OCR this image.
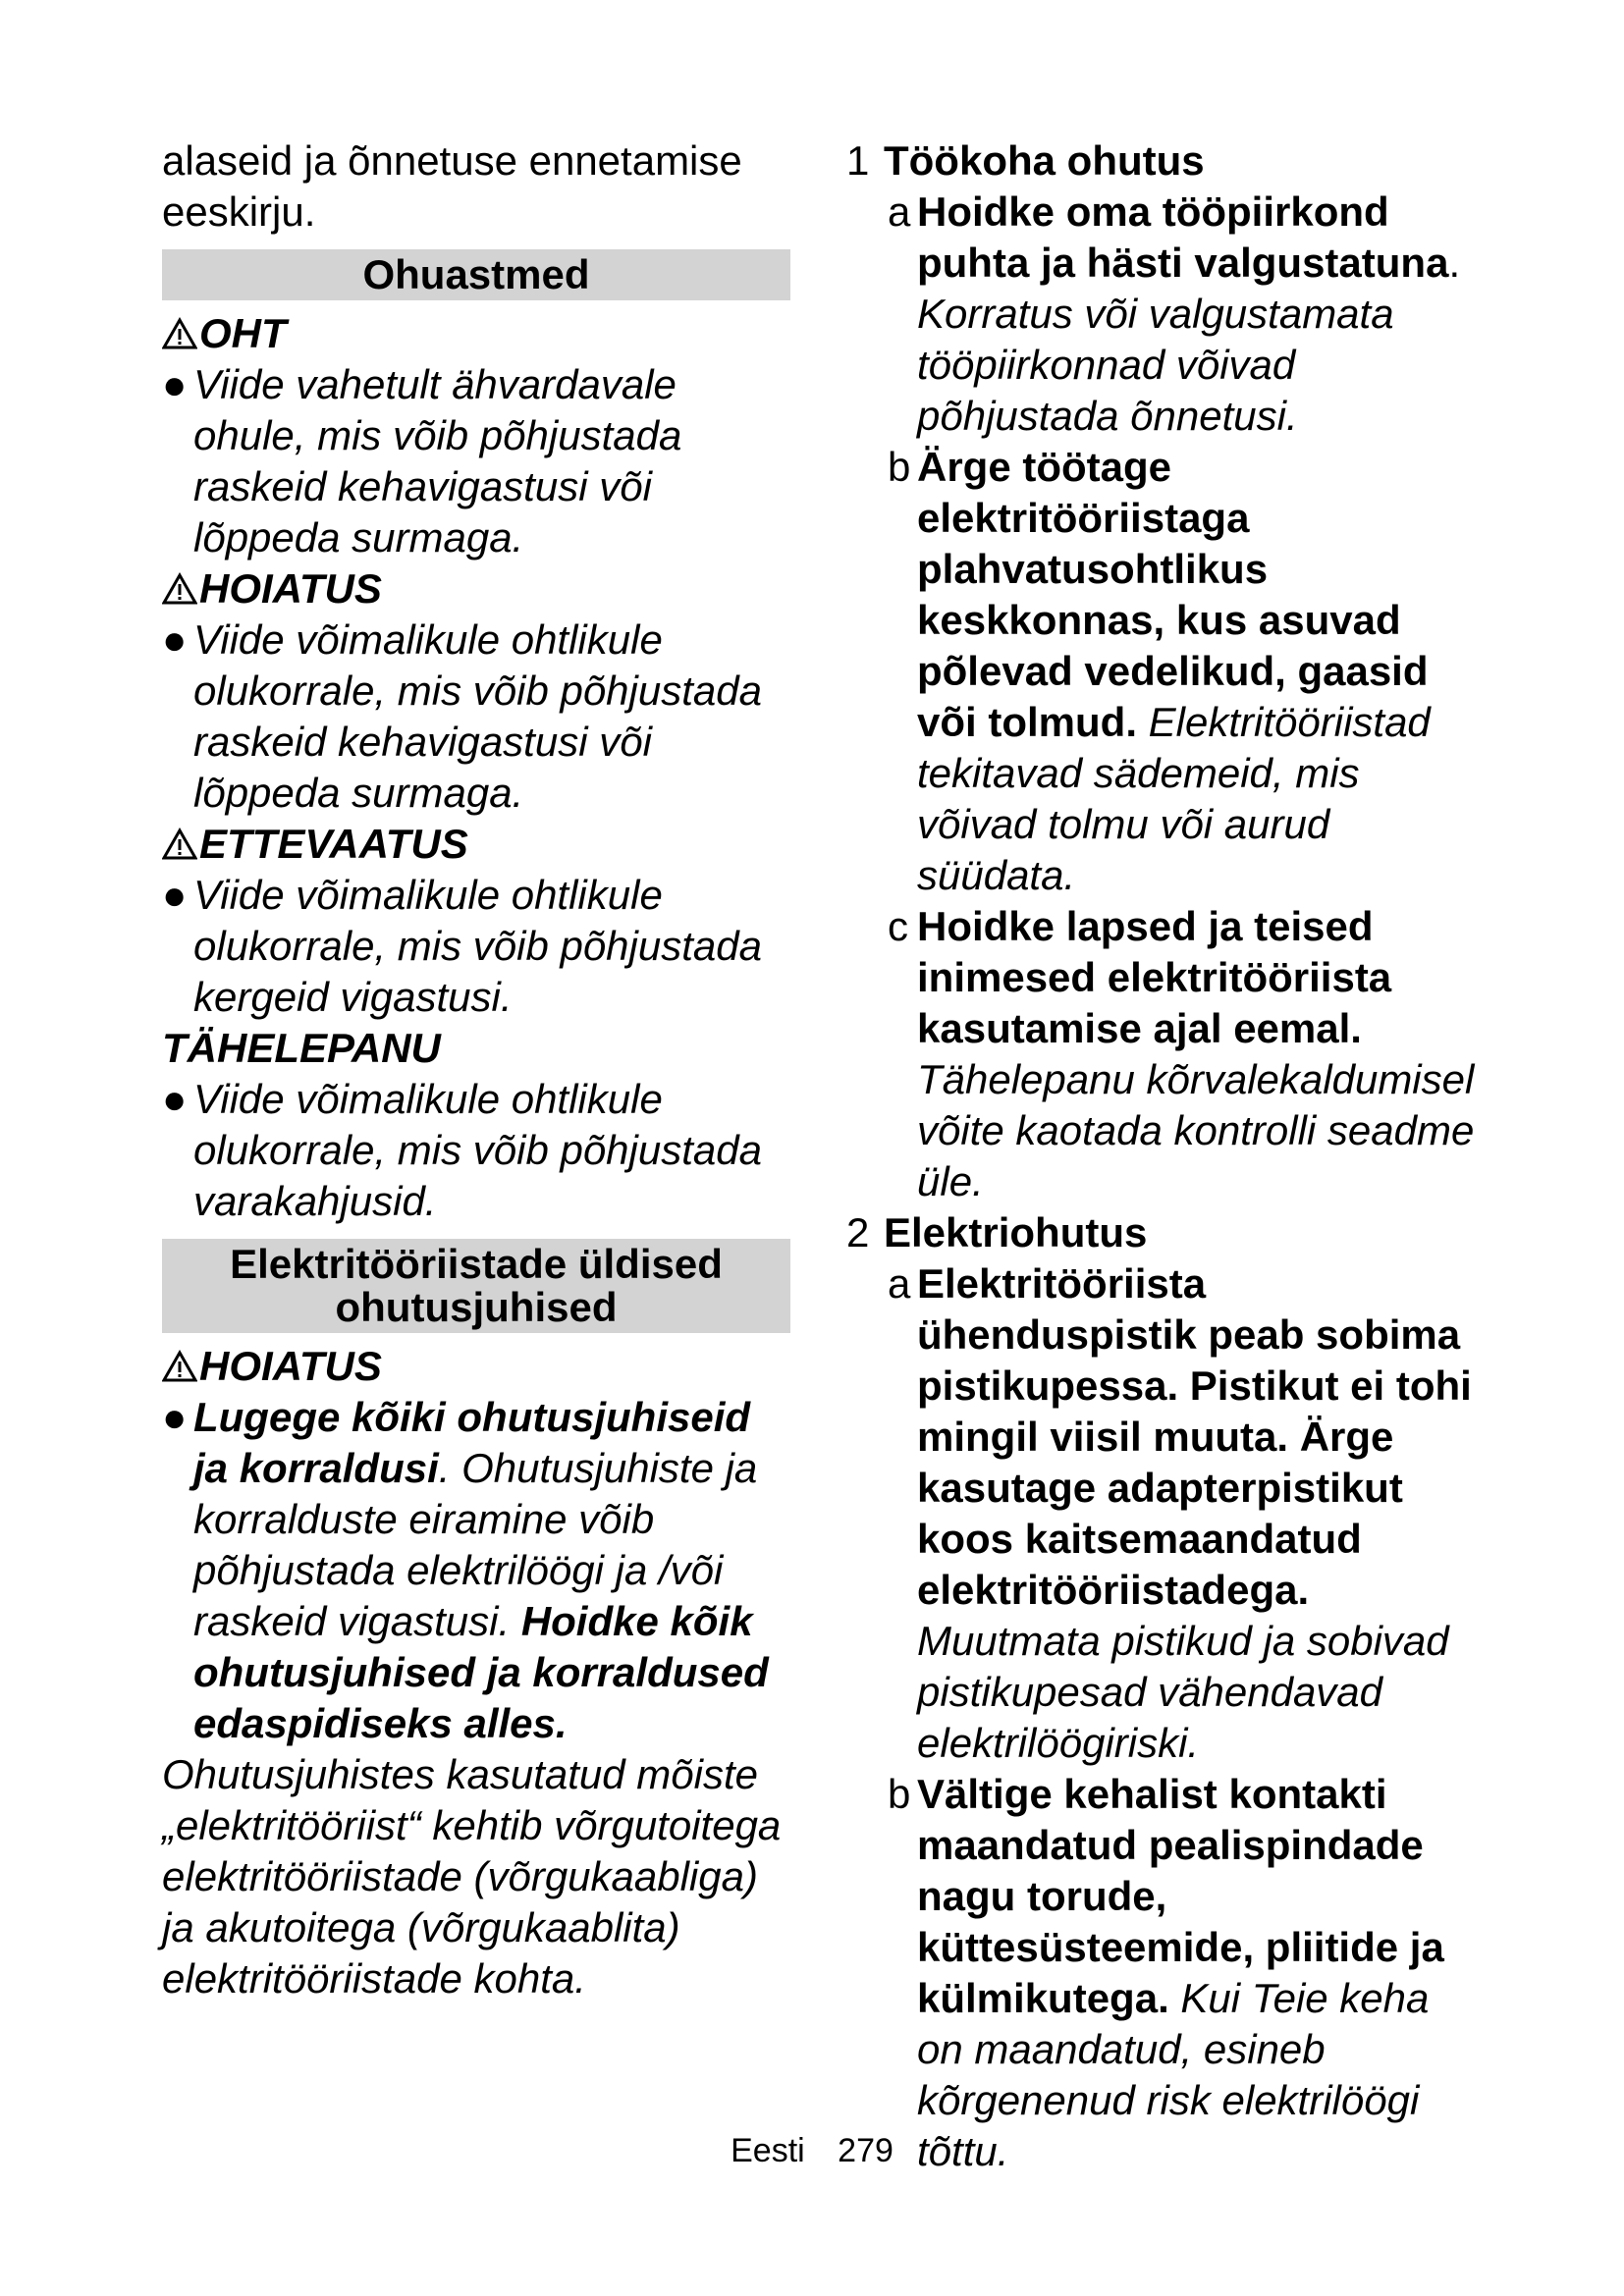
alaseid ja õnnetuse ennetamise eeskirju.

Ohuastmed
OHT

● Viide vahetult ähvardavale ohule, mis võib põhjustada raskeid kehavigastusi või lõppeda surmaga.

HOIATUS

● Viide võimalikule ohtlikule olukorrale, mis võib põhjustada raskeid kehavigastusi või lõppeda surmaga.

ETTEVAATUS

● Viide võimalikule ohtlikule olukorrale, mis võib põhjustada kergeid vigastusi.

TÄHELEPANU

● Viide võimalikule ohtlikule olukorrale, mis võib põhjustada varakahjusid.

Elektritööriistade üldised ohutusjuhised
HOIATUS

● Lugege kõiki ohutusjuhiseid ja korraldusi. Ohutusjuhiste ja korralduste eiramine võib põhjustada elektrilöögi ja /või raskeid vigastusi. Hoidke kõik ohutusjuhised ja korraldused edaspidiseks alles.

Ohutusjuhistes kasutatud mõiste „elektritööriist“ kehtib võrgutoitega elektritööriistade (võrgukaabliga) ja akutoitega (võrgukaablita) elektritööriistade kohta.

1 Töökoha ohutus
a Hoidke oma tööpiirkond puhta ja hästi valgustatuna. Korratus või valgustamata tööpiirkonnad võivad põhjustada õnnetusi.

b Ärge töötage elektritööriistaga plahvatusohtlikus keskkonnas, kus asuvad põlevad vedelikud, gaasid või tolmud. Elektritööriistad tekitavad sädemeid, mis võivad tolmu või aurud süüdata.

c Hoidke lapsed ja teised inimesed elektritööriista kasutamise ajal eemal. Tähelepanu kõrvalekaldumisel võite kaotada kontrolli seadme üle.

2 Elektriohutus
a Elektritööriista ühenduspistik peab sobima pistikupessa. Pistikut ei tohi mingil viisil muuta. Ärge kasutage adapterpistikut koos kaitsemaandatud elektritööriistadega. Muutmata pistikud ja sobivad pistikupesad vähendavad elektrilöögiriski.

b Vältige kehalist kontakti maandatud pealispindade nagu torude, küttesüsteemide, pliitide ja külmikutega. Kui Teie keha on maandatud, esineb kõrgenenud risk elektrilöögi tõttu.

Eesti 279
